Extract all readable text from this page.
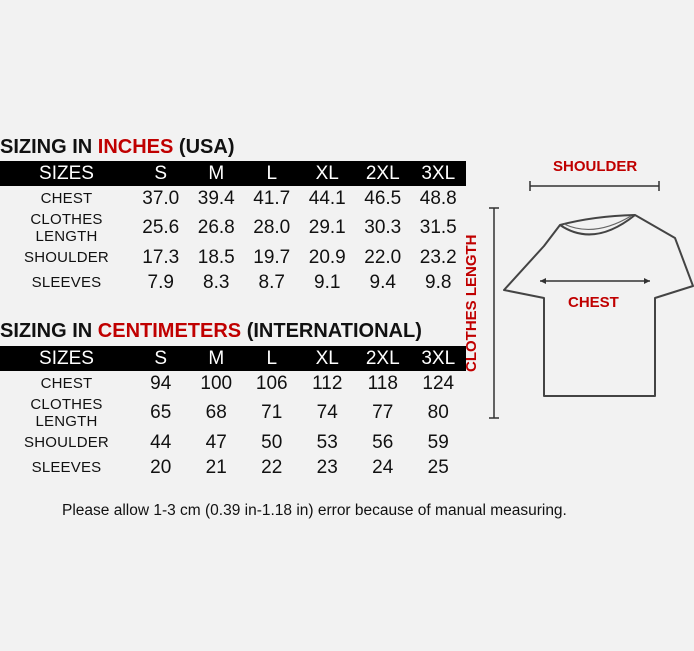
SIZING IN INCHES (USA)
SIZES	S	M	L	XL	2XL	3XL
CHEST	37.0	39.4	41.7	44.1	46.5	48.8
CLOTHES LENGTH	25.6	26.8	28.0	29.1	30.3	31.5
SHOULDER	17.3	18.5	19.7	20.9	22.0	23.2
SLEEVES	7.9	8.3	8.7	9.1	9.4	9.8
SIZING IN CENTIMETERS (INTERNATIONAL)
SIZES	S	M	L	XL	2XL	3XL
CHEST	94	100	106	112	118	124
CLOTHES LENGTH	65	68	71	74	77	80
SHOULDER	44	47	50	53	56	59
SLEEVES	20	21	22	23	24	25
Please allow 1-3 cm (0.39 in-1.18 in) error because of manual measuring.
SHOULDER
CHEST
CLOTHES LENGTH
